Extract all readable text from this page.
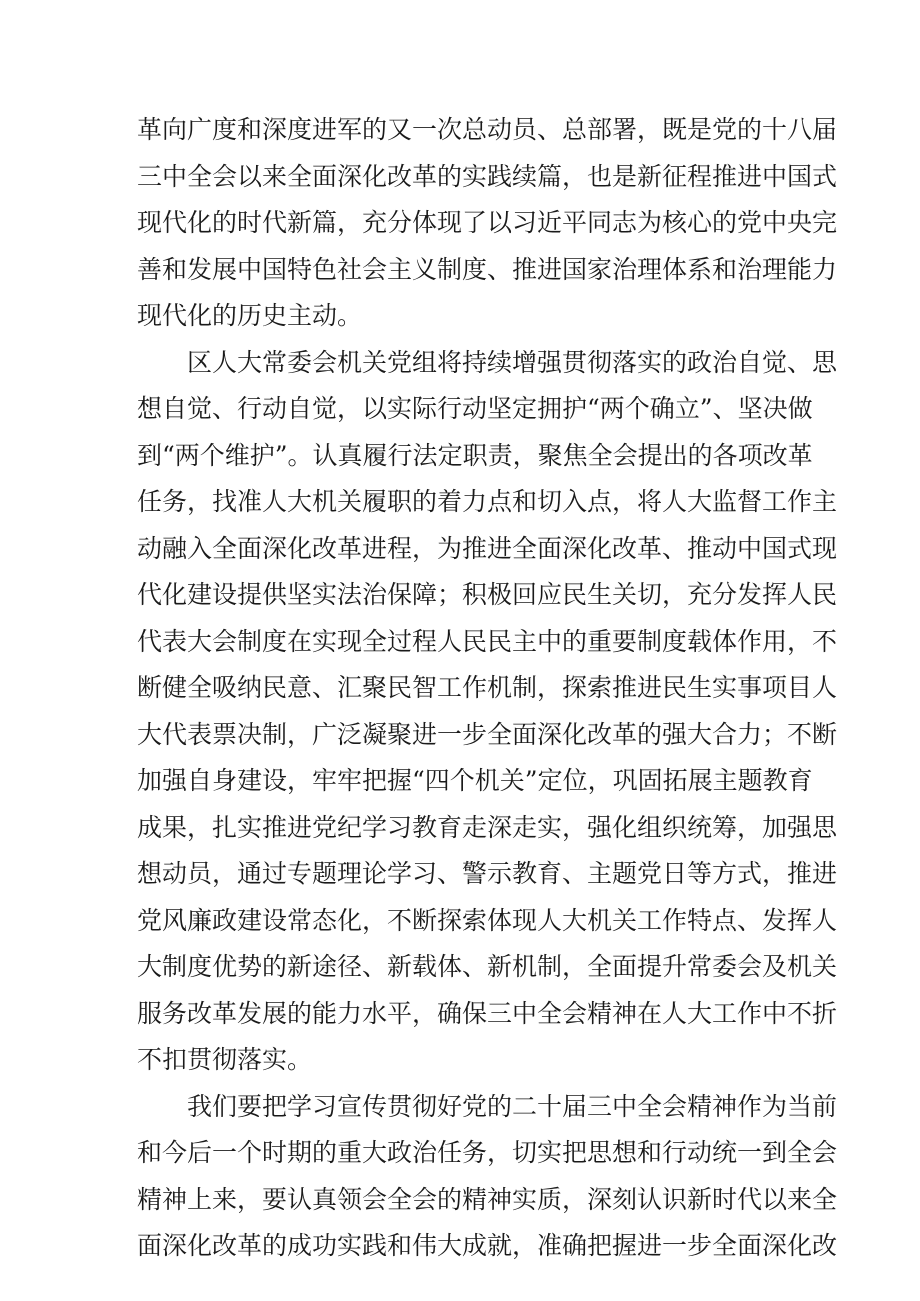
革向广度和深度进军的又一次总动员、总部署，既是党的十八届
三中全会以来全面深化改革的实践续篇，也是新征程推进中国式
现代化的时代新篇，充分体现了以习近平同志为核心的党中央完
善和发展中国特色社会主义制度、推进国家治理体系和治理能力
现代化的历史主动。
区人大常委会机关党组将持续增强贯彻落实的政治自觉、思
想自觉、行动自觉，以实际行动坚定拥护“两个确立”、坚决做
到“两个维护”。认真履行法定职责，聚焦全会提出的各项改革
任务，找准人大机关履职的着力点和切入点，将人大监督工作主
动融入全面深化改革进程，为推进全面深化改革、推动中国式现
代化建设提供坚实法治保障；积极回应民生关切，充分发挥人民
代表大会制度在实现全过程人民民主中的重要制度载体作用，不
断健全吸纳民意、汇聚民智工作机制，探索推进民生实事项目人
大代表票决制，广泛凝聚进一步全面深化改革的强大合力；不断
加强自身建设，牢牢把握“四个机关”定位，巩固拓展主题教育
成果，扎实推进党纪学习教育走深走实，强化组织统筹，加强思
想动员，通过专题理论学习、警示教育、主题党日等方式，推进
党风廉政建设常态化，不断探索体现人大机关工作特点、发挥人
大制度优势的新途径、新载体、新机制，全面提升常委会及机关
服务改革发展的能力水平，确保三中全会精神在人大工作中不折
不扣贯彻落实。
我们要把学习宣传贯彻好党的二十届三中全会精神作为当前
和今后一个时期的重大政治任务，切实把思想和行动统一到全会
精神上来，要认真领会全会的精神实质，深刻认识新时代以来全
面深化改革的成功实践和伟大成就，准确把握进一步全面深化改
